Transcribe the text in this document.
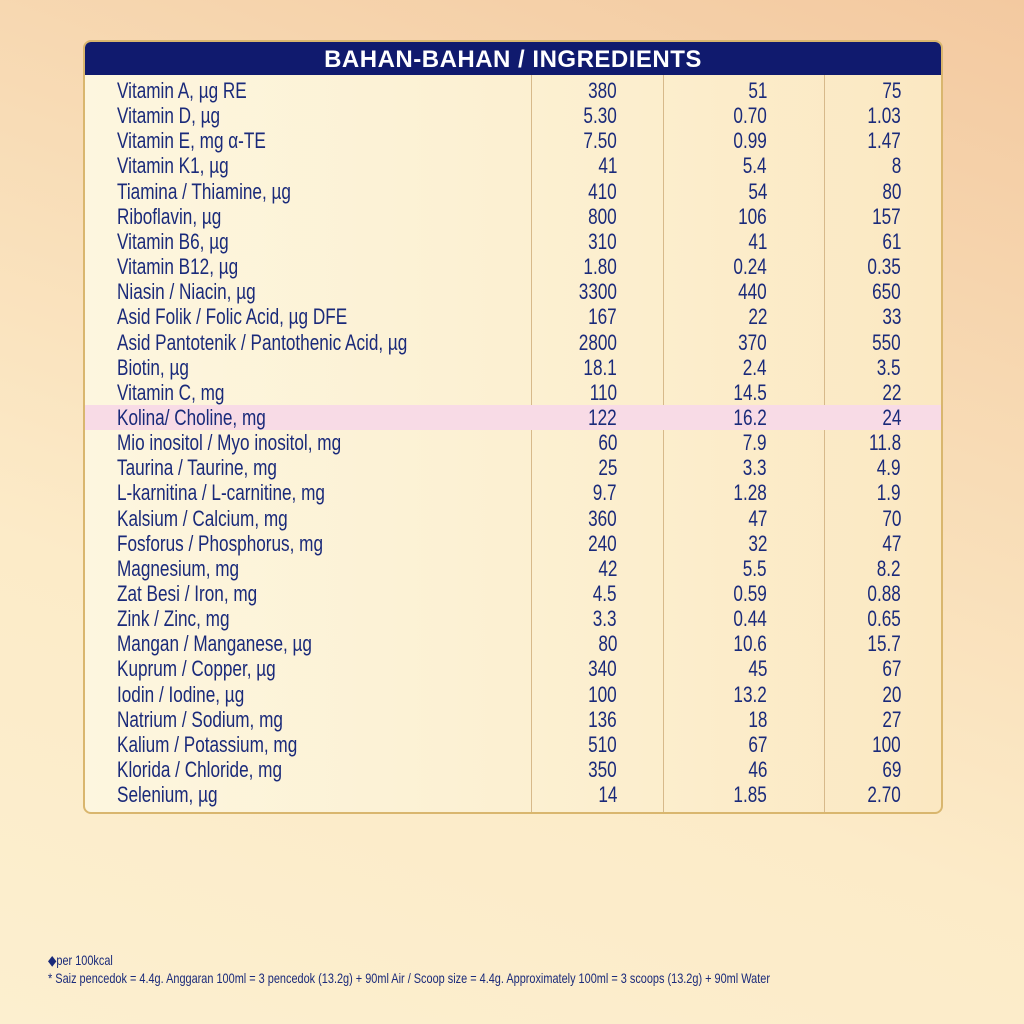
BAHAN-BAHAN / INGREDIENTS
Vitamin A, µg RE	380	51	75
Vitamin D, µg	5.30	0.70	1.03
Vitamin E, mg α-TE	7.50	0.99	1.47
Vitamin K1, µg	41	5.4	8
Tiamina / Thiamine, µg	410	54	80
Riboflavin, µg	800	106	157
Vitamin B6, µg	310	41	61
Vitamin B12, µg	1.80	0.24	0.35
Niasin / Niacin, µg	3300	440	650
Asid Folik / Folic Acid, µg DFE	167	22	33
Asid Pantotenik / Pantothenic Acid, µg	2800	370	550
Biotin, µg	18.1	2.4	3.5
Vitamin C, mg	110	14.5	22
Kolina/ Choline, mg	122	16.2	24
Mio inositol / Myo inositol, mg	60	7.9	11.8
Taurina / Taurine, mg	25	3.3	4.9
L-karnitina / L-carnitine, mg	9.7	1.28	1.9
Kalsium / Calcium, mg	360	47	70
Fosforus / Phosphorus, mg	240	32	47
Magnesium, mg	42	5.5	8.2
Zat Besi / Iron, mg	4.5	0.59	0.88
Zink / Zinc, mg	3.3	0.44	0.65
Mangan / Manganese, µg	80	10.6	15.7
Kuprum / Copper, µg	340	45	67
Iodin / Iodine, µg	100	13.2	20
Natrium / Sodium, mg	136	18	27
Kalium / Potassium, mg	510	67	100
Klorida / Chloride, mg	350	46	69
Selenium, µg	14	1.85	2.70
◆per 100kcal
* Saiz pencedok = 4.4g. Anggaran 100ml = 3 pencedok (13.2g) + 90ml Air / Scoop size = 4.4g. Approximately 100ml = 3 scoops (13.2g) + 90ml Water
